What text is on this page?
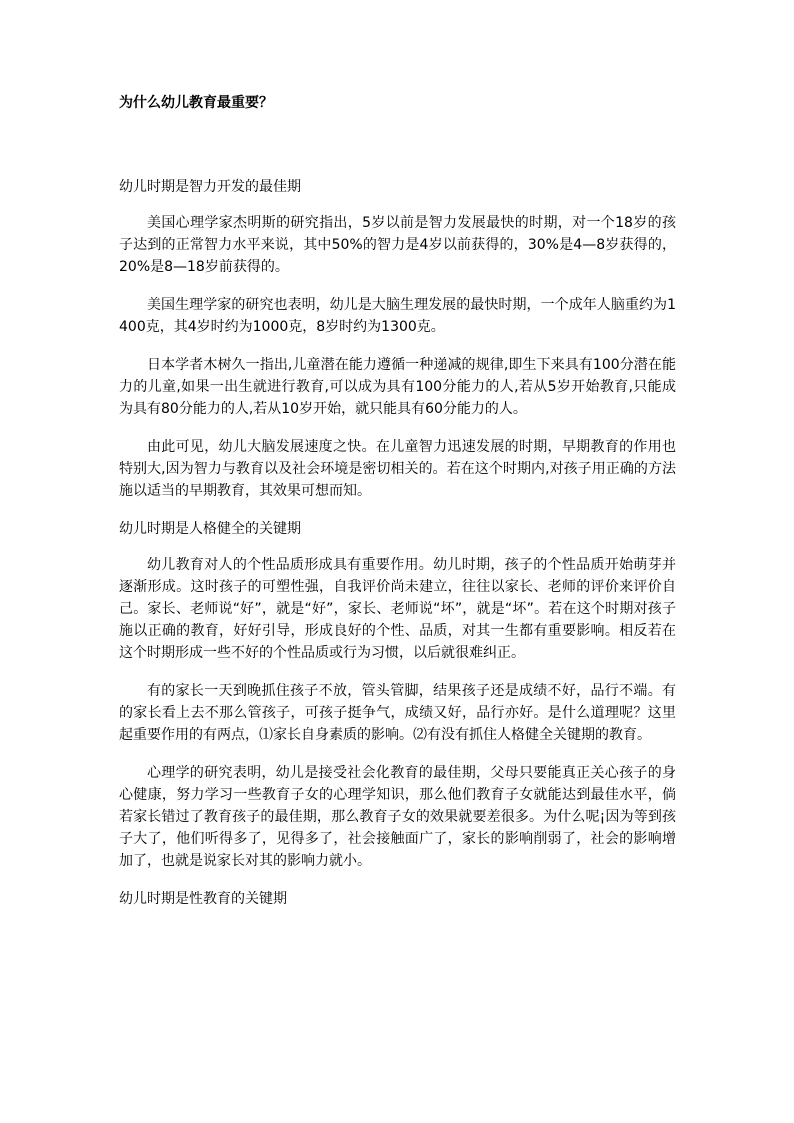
为什么幼儿教育最重要？

幼儿时期是智力开发的最佳期

美国心理学家杰明斯的研究指出，5岁以前是智力发展最快的时期，对一个18岁的孩子达到的正常智力水平来说，其中50%的智力是4岁以前获得的，30%是4—8岁获得的，20%是8—18岁前获得的。

美国生理学家的研究也表明，幼儿是大脑生理发展的最快时期，一个成年人脑重约为1400克，其4岁时约为1000克，8岁时约为1300克。

日本学者木树久一指出,儿童潜在能力遵循一种递减的规律,即生下来具有100分潜在能力的儿童,如果一出生就进行教育,可以成为具有100分能力的人,若从5岁开始教育,只能成为具有80分能力的人,若从10岁开始，就只能具有60分能力的人。

由此可见，幼儿大脑发展速度之快。在儿童智力迅速发展的时期，早期教育的作用也特别大,因为智力与教育以及社会环境是密切相关的。若在这个时期内,对孩子用正确的方法施以适当的早期教育，其效果可想而知。

幼儿时期是人格健全的关键期

幼儿教育对人的个性品质形成具有重要作用。幼儿时期，孩子的个性品质开始萌芽并逐渐形成。这时孩子的可塑性强，自我评价尚未建立，往往以家长、老师的评价来评价自己。家长、老师说“好”，就是“好”，家长、老师说“坏”，就是“坏”。若在这个时期对孩子施以正确的教育，好好引导，形成良好的个性、品质，对其一生都有重要影响。相反若在这个时期形成一些不好的个性品质或行为习惯，以后就很难纠正。

有的家长一天到晚抓住孩子不放，管头管脚，结果孩子还是成绩不好，品行不端。有的家长看上去不那么管孩子，可孩子挺争气，成绩又好，品行亦好。是什么道理呢？这里起重要作用的有两点，⑴家长自身素质的影响。⑵有没有抓住人格健全关键期的教育。

心理学的研究表明，幼儿是接受社会化教育的最佳期，父母只要能真正关心孩子的身心健康，努力学习一些教育子女的心理学知识，那么他们教育子女就能达到最佳水平，倘若家长错过了教育孩子的最佳期，那么教育子女的效果就要差很多。为什么呢¡因为等到孩子大了，他们听得多了，见得多了，社会接触面广了，家长的影响削弱了，社会的影响增加了，也就是说家长对其的影响力就小。

幼儿时期是性教育的关键期
